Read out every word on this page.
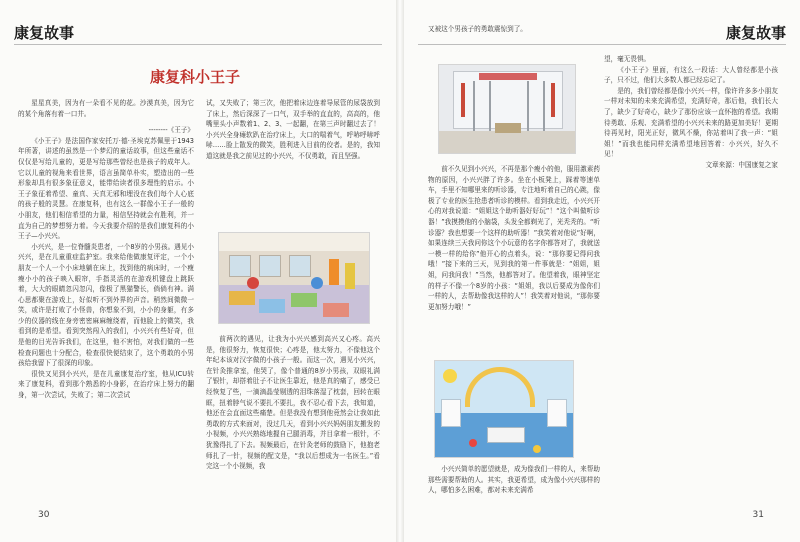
康复故事
康复科小王子

星星真美，因为有一朵看不见的花。沙漠真美，因为它的某个角落有着一口井。

--------《王子》

《小王子》是法国作家安托万·德·圣埃克苏佩里于1943年所著，讲述的虽然是一个梦幻的童话故事，但这些童话不仅仅是写给儿童的，更是写给那些曾经也是孩子的成年人。它以儿童的视角来看世界，语言虽简单朴实，塑造出的一些形象却具有很多象征意义，能带给读者很多理性的启示。小王子象征着希望、童真、天真无邪和埋没在我们每个人心底的孩子般的灵慧。在康复科，也有这么一群像小王子一般的小朋友，他们相信希望的力量，相信坚持就会有胜利，并一直为自己的梦想努力着。今天我要介绍的是我们康复科的小王子—小兴兴。

小兴兴，是一位脊髓炎患者，一个8岁的小男孩。遇见小兴兴，是在儿童重症监护室。我来给他做康复评定，一个小朋友一个人一个小床地躺在床上，找到他的病床时，一个瘦瘦小小的孩子映入眼帘，手指灵活的在游戏机键盘上跳跃着，大大的眼睛忽闪忽闪，像极了黑猫警长，倘倘有神。满心思都聚在游戏上，好似听不到外界的声音。稍然间微微一笑，或许是打败了小怪兽，你想象不到，小小的身躯，有多少的仪器的线在身旁密密麻麻缠绕着，而他脸上的微笑，我看到的是希望。看到突然闯入的我们，小兴兴有些好奇，但是他的目光告诉我们，在这里，他不害怕，对我们做的一些检查问题也十分配合，检查很快便结束了，这个勇敢的小男孩给我留下了很深的印象。

很快又见到小兴兴，是在儿童康复治疗室，他从ICU转来了康复科，看到那个熟悉的小身影，在治疗床上努力的翻身，第一次尝试，失败了；第二次尝试

试，又失败了；第三次，他把着床边连着导尿管的尿袋放到了床上，然后深深了一口气，双手举的直直的，高高的，他嘴里头小声数着1、2、3、一起翻，在第三声时翻过去了！小兴兴全身瘫软趴在治疗床上，大口的喘着气，呼哧呼哧呼哧……脸上散发的微笑，胜利进入目前的佼者。是的，我知道这就是我之前见过的小兴兴，不仅勇敢，而且坚强。

前两次的遇见，让我为小兴兴感到高兴又心疼。高兴是，他很努力，恢复很快；心疼是，他太努力，不像他这个年纪本该对汉字做的小孩子一般。而这一次，遇见小兴兴，在针灸推拿室，他哭了，像个普通的8岁小男孩，双眼礼满了银针，却搭着肚子不让医生靠近，他是真的痛了，感受已经恢复了些，一滴滴晶莹剔透的泪珠落湿了枕套，回转在眼眶，扭着脖气说不要扎不要扎，我不忍心看下去，我知道，他还在会直面这些痛楚。但是我没有想到他竟然会让我如此勇敢的方式来面对，没过几天，看到小兴兴妈妈朋友搬发的小视频，小兴兴熟练地握自己腿消毒，并目拿着一根针，不犹豫得扎了下去。视频最后，在针灸老师的鼓励下，他抱老师扎了一针，视频的配文是，“我以后想成为一名医生。”看完这一个小视频，我

30
康复故事

又被这个男孩子的勇敢震惊到了。

前不久见到小兴兴，不再是那个瘦小的他，服用激素药物的原因，小兴兴胖了许多。坐在小板凳上，踩着等速单车，手里不知哪里来的听诊器，专注地听着自己的心跳，像极了专业的医生抢患者听诊的模样。看到我走近，小兴兴开心的对我说道：“姐姐这个助听器好好玩”！“这个叫做听诊器！”我摸摸他的小脑袋，头发全都剃光了，光秃秃的。“听诊器？我也想要一个这样的助听器！”我笑着对他说“好啊，如果连续三天我问你这个小玩意的名字你都答对了，我就送一模一样的给你”他开心的点着头，说：“那你要记得问我哦！”接下来的三天，见到我的第一件事就是：“姐姐，姐姐，问我问我！”当然，他都答对了。他望着我，眼神坚定的样子不像一个8岁的小孩：“姐姐，我以后要成为像你们一样的人，去帮助像我这样的人”！我笑着对他说，“那你要更加努力哦！”

小兴兴简单的愿望就是，成为像我们一样的人，来帮助那些需要帮助的人。其实，我更希望，成为像小兴兴那样的人，哪怕多么困难，都对未来充满希

望，毫无畏惧。

《小王子》里面，有这么一段话：大人曾经都是小孩子，只不过，他们大多数人都已经忘记了。

是的，我们曾经都是像小兴兴一样，像许许多多小朋友一样对未知的未来充满希望，充满好奇，那后他，我们长大了，缺少了好奇心，缺少了那份应该一直怀抱的希望。我期待勇敢、乐观、充满希望的小兴兴未来的路更加美好！更期待再见时，阳光正好，微风不燥，你站着叫了我一声：“姐姐！”而我也能同样充满希望地回答着：小兴兴，好久不见！

文章来源：中国康复之家

31
